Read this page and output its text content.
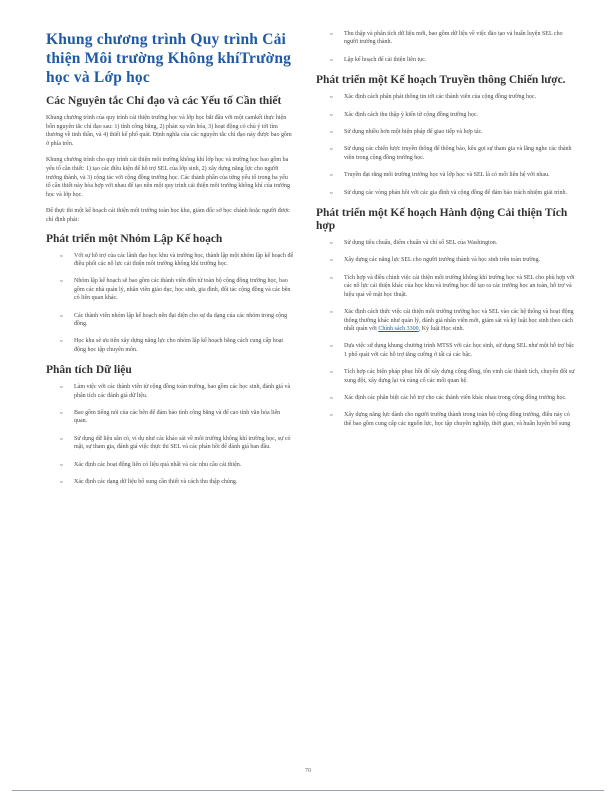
Khung chương trình Quy trình Cải thiện Môi trường Không khíTrường học và Lớp học
Các Nguyên tắc Chỉ đạo và các Yếu tố Cần thiết
Khung chương trình của quy trình cải thiện trường học và lớp học bắt đầu với một camkết thực hiện bốn nguyên tắc chỉ đạo sau: 1) tính công bằng, 2) phản xạ văn hóa, 3) hoạt động có chủ ý tới tìm thương về tinh thần, và 4) thiết kế phổ quát. Định nghĩa của các nguyên tắc chỉ đạo này được bao gồm ở phía trên.
Khung chương trình cho quy trình cải thiện môi trường không khí lớp học và trường học bao gồm ba yếu tố cần thiết: 1) tạo các điều kiện để hỗ trợ SEL của lớp sinh, 2) xây dựng năng lực cho người trưởng thành, và 3) cộng tác với cộng đồng trường học. Các thành phần của từng yếu tố trong ba yếu tố cần thiết này hòa hợp với nhau để tạo nên một quy trình cải thiện môi trường không khí của trường học và lớp học.
Để thực thi một kế hoạch cải thiện môi trường toàn học khu, giám đốc sở học chánh hoặc người được chỉ định phải:
Phát triển một Nhóm Lập Kế hoạch
▫ Với sự hỗ trợ của các lãnh đạo học khu và trường học, thành lập một nhóm lập kế hoạch để điều phối các nỗ lực cải thiện môi trường không khí trường học.
▫ Nhóm lập kế hoạch sẽ bao gồm các thành viên đến từ toàn bộ cộng đồng trường học, bao gồm các nhà quản lý, nhân viên giáo dục, học sinh, gia đình, đối tác cộng đồng và các bên có liên quan khác.
▫ Các thành viên nhóm lập kế hoạch nên đại diện cho sự đa dạng của các nhóm trong cộng đồng.
▫ Học khu sẽ ưu tiên xây dựng năng lực cho nhóm lập kế hoạch bằng cách cung cấp hoạt động học tập chuyên môn.
Phân tích Dữ liệu
▫ Làm việc với các thành viên từ cộng đồng toàn trường, bao gồm các học sinh, đánh giá và phân tích các đánh giá dữ liệu.
▫ Bao gồm tiếng nói của các bên để đảm bảo tính công bằng và để cao tính văn hóa liên quan.
▫ Sử dụng dữ liệu sẵn có, ví dụ như các khảo sát về môi trường không khí trường học, sự có mặt, sự tham gia, đánh giá việc thực thi SEL và các phản hồi để đánh giá ban đầu.
▫ Xác định các hoạt động liên có liệu quả nhất và các nhu cầu cải thiện.
▫ Xác định các dạng dữ liệu bổ sung cần thiết và cách thu thập chúng.
▫ Thu thập và phân tích dữ liệu mới, bao gồm dữ liệu về việc đào tạo và huấn luyện SEL cho người trưởng thành.
▫ Lập kế hoạch để cải thiện liên tục.
Phát triển một Kế hoạch Truyền thông Chiến lược.
▫ Xác định cách phân phát thông tin tới các thành viên của cộng đồng trường học.
▫ Xác định cách thu thập ý kiến từ cộng đồng trường học.
▫ Sử dụng nhiều hơn một biện pháp để giao tiếp và hợp tác.
▫ Sử dụng các chiến lược truyền thông để thông báo, kêu gọi sự tham gia và lắng nghe các thành viên trong cộng đồng trường học.
▫ Truyền đạt rằng môi trường trường học và lớp học và SEL là có mối liên hệ với nhau.
▫ Sử dụng các vòng phản hồi với các gia đình và cộng đồng để đảm bảo trách nhiệm giải trình.
Phát triển một Kế hoạch Hành động Cải thiện Tích hợp
▫ Sử dụng tiêu chuẩn, điểm chuẩn và chỉ số SEL của Washington.
▫ Xây dựng các năng lực SEL cho người trưởng thành và học sinh trên toàn trường.
▫ Tích hợp và điều chỉnh việc cải thiện môi trường không khí trường học và SEL cho phù hợp với các nỗ lực cải thiện khác của học khu và trường học để tạo ra các trường học an toàn, hỗ trợ và hiệu quả về mặt học thuật.
▫ Xác định cách thức việc cải thiện môi trường trường học và SEL vào các hệ thống và hoạt động thông thường khác như quản lý, đánh giá nhân viên mới, giám sát và kỷ luật học sinh theo cách nhất quán với Chính sách 3300, Kỷ luật Học sinh.
▫ Dựa việc sử dụng khung chương trình MTSS với các học sinh, sử dụng SEL như một hỗ trợ bậc 1 phổ quát với các hỗ trợ tăng cường ở tất cả các bậc.
▫ Tích hợp các biện pháp phục hồi để xây dựng cộng đồng, tôn vinh các thành tích, chuyển đổi sự xung đột, xây dựng lại và củng cố các mối quan hệ.
▫ Xác định các phân biệt các hỗ trợ cho các thành viên khác nhau trong cộng đồng trường học.
▫ Xây dựng năng lực dành cho người trưởng thành trong toàn bộ cộng đồng trường, điều này có thể bao gồm cung cấp các nguồn lực, học tập chuyên nghiệp, thời gian, và huấn luyện bổ sung
70
